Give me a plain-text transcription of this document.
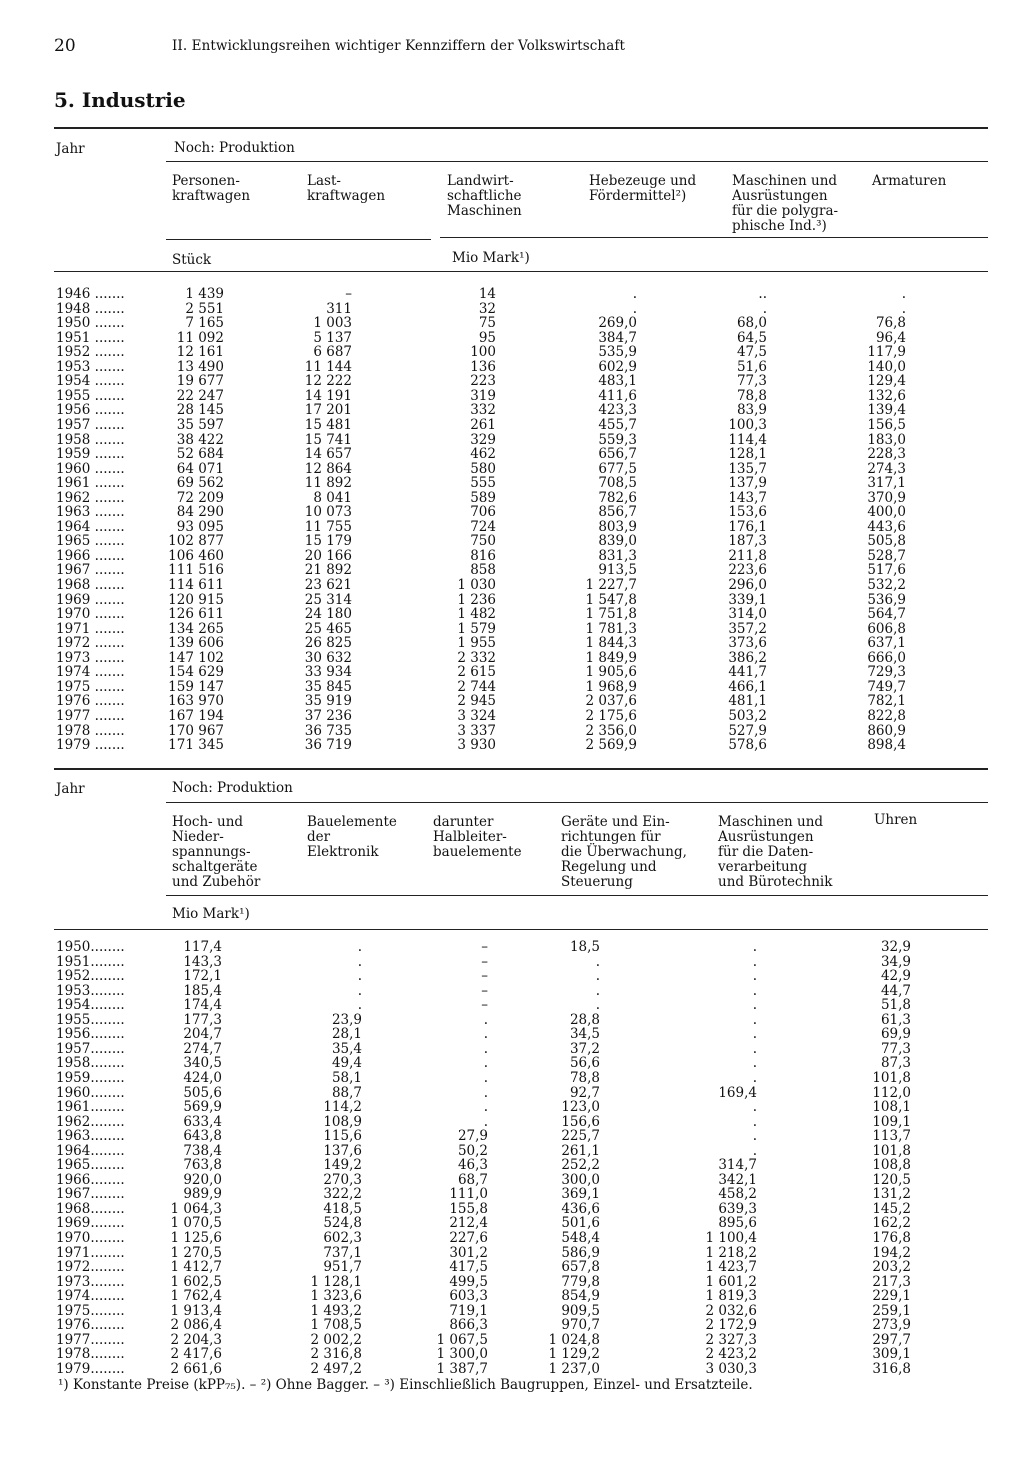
20	II. Entwicklungsreihen wichtiger Kennziffern der Volkswirtschaft
5. Industrie
Jahr	Noch: Produktion
Personen-
kraftwagen
Last-
kraftwagen
Landwirt-
schaftliche
Maschinen
Hebezeuge und
Fördermittel²)
Maschinen und
Ausrüstungen
für die polygra-
phische Ind.³)
Armaturen
Stück	Mio Mark¹)
1946 .......	1 439	–	14	.	..	.
1948 .......	2 551	311	32	.	.	.
1950 .......	7 165	1 003	75	269,0	68,0	76,8
1951 .......	11 092	5 137	95	384,7	64,5	96,4
1952 .......	12 161	6 687	100	535,9	47,5	117,9
1953 .......	13 490	11 144	136	602,9	51,6	140,0
1954 .......	19 677	12 222	223	483,1	77,3	129,4
1955 .......	22 247	14 191	319	411,6	78,8	132,6
1956 .......	28 145	17 201	332	423,3	83,9	139,4
1957 .......	35 597	15 481	261	455,7	100,3	156,5
1958 .......	38 422	15 741	329	559,3	114,4	183,0
1959 .......	52 684	14 657	462	656,7	128,1	228,3
1960 .......	64 071	12 864	580	677,5	135,7	274,3
1961 .......	69 562	11 892	555	708,5	137,9	317,1
1962 .......	72 209	8 041	589	782,6	143,7	370,9
1963 .......	84 290	10 073	706	856,7	153,6	400,0
1964 .......	93 095	11 755	724	803,9	176,1	443,6
1965 .......	102 877	15 179	750	839,0	187,3	505,8
1966 .......	106 460	20 166	816	831,3	211,8	528,7
1967 .......	111 516	21 892	858	913,5	223,6	517,6
1968 .......	114 611	23 621	1 030	1 227,7	296,0	532,2
1969 .......	120 915	25 314	1 236	1 547,8	339,1	536,9
1970 .......	126 611	24 180	1 482	1 751,8	314,0	564,7
1971 .......	134 265	25 465	1 579	1 781,3	357,2	606,8
1972 .......	139 606	26 825	1 955	1 844,3	373,6	637,1
1973 .......	147 102	30 632	2 332	1 849,9	386,2	666,0
1974 .......	154 629	33 934	2 615	1 905,6	441,7	729,3
1975 .......	159 147	35 845	2 744	1 968,9	466,1	749,7
1976 .......	163 970	35 919	2 945	2 037,6	481,1	782,1
1977 .......	167 194	37 236	3 324	2 175,6	503,2	822,8
1978 .......	170 967	36 735	3 337	2 356,0	527,9	860,9
1979 .......	171 345	36 719	3 930	2 569,9	578,6	898,4
Jahr	Noch: Produktion
Hoch- und
Nieder-
spannungs-
schaltgeräte
und Zubehör
Bauelemente
der
Elektronik
darunter
Halbleiter-
bauelemente
Geräte und Ein-
richtungen für
die Überwachung,
Regelung und
Steuerung
Maschinen und
Ausrüstungen
für die Daten-
verarbeitung
und Bürotechnik
Uhren
Mio Mark¹)
1950........	117,4	.	–	18,5	.	32,9
1951........	143,3	.	–	.	.	34,9
1952........	172,1	.	–	.	.	42,9
1953........	185,4	.	–	.	.	44,7
1954........	174,4	.	–	.	.	51,8
1955........	177,3	23,9	.	28,8	.	61,3
1956........	204,7	28,1	.	34,5	.	69,9
1957........	274,7	35,4	.	37,2	.	77,3
1958........	340,5	49,4	.	56,6	.	87,3
1959........	424,0	58,1	.	78,8	.	101,8
1960........	505,6	88,7	.	92,7	169,4	112,0
1961........	569,9	114,2	.	123,0	.	108,1
1962........	633,4	108,9	.	156,6	.	109,1
1963........	643,8	115,6	27,9	225,7	.	113,7
1964........	738,4	137,6	50,2	261,1	.	101,8
1965........	763,8	149,2	46,3	252,2	314,7	108,8
1966........	920,0	270,3	68,7	300,0	342,1	120,5
1967........	989,9	322,2	111,0	369,1	458,2	131,2
1968........	1 064,3	418,5	155,8	436,6	639,3	145,2
1969........	1 070,5	524,8	212,4	501,6	895,6	162,2
1970........	1 125,6	602,3	227,6	548,4	1 100,4	176,8
1971........	1 270,5	737,1	301,2	586,9	1 218,2	194,2
1972........	1 412,7	951,7	417,5	657,8	1 423,7	203,2
1973........	1 602,5	1 128,1	499,5	779,8	1 601,2	217,3
1974........	1 762,4	1 323,6	603,3	854,9	1 819,3	229,1
1975........	1 913,4	1 493,2	719,1	909,5	2 032,6	259,1
1976........	2 086,4	1 708,5	866,3	970,7	2 172,9	273,9
1977........	2 204,3	2 002,2	1 067,5	1 024,8	2 327,3	297,7
1978........	2 417,6	2 316,8	1 300,0	1 129,2	2 423,2	309,1
1979........	2 661,6	2 497,2	1 387,7	1 237,0	3 030,3	316,8
¹) Konstante Preise (kPP₇₅). – ²) Ohne Bagger. – ³) Einschließlich Baugruppen, Einzel- und Ersatzteile.
